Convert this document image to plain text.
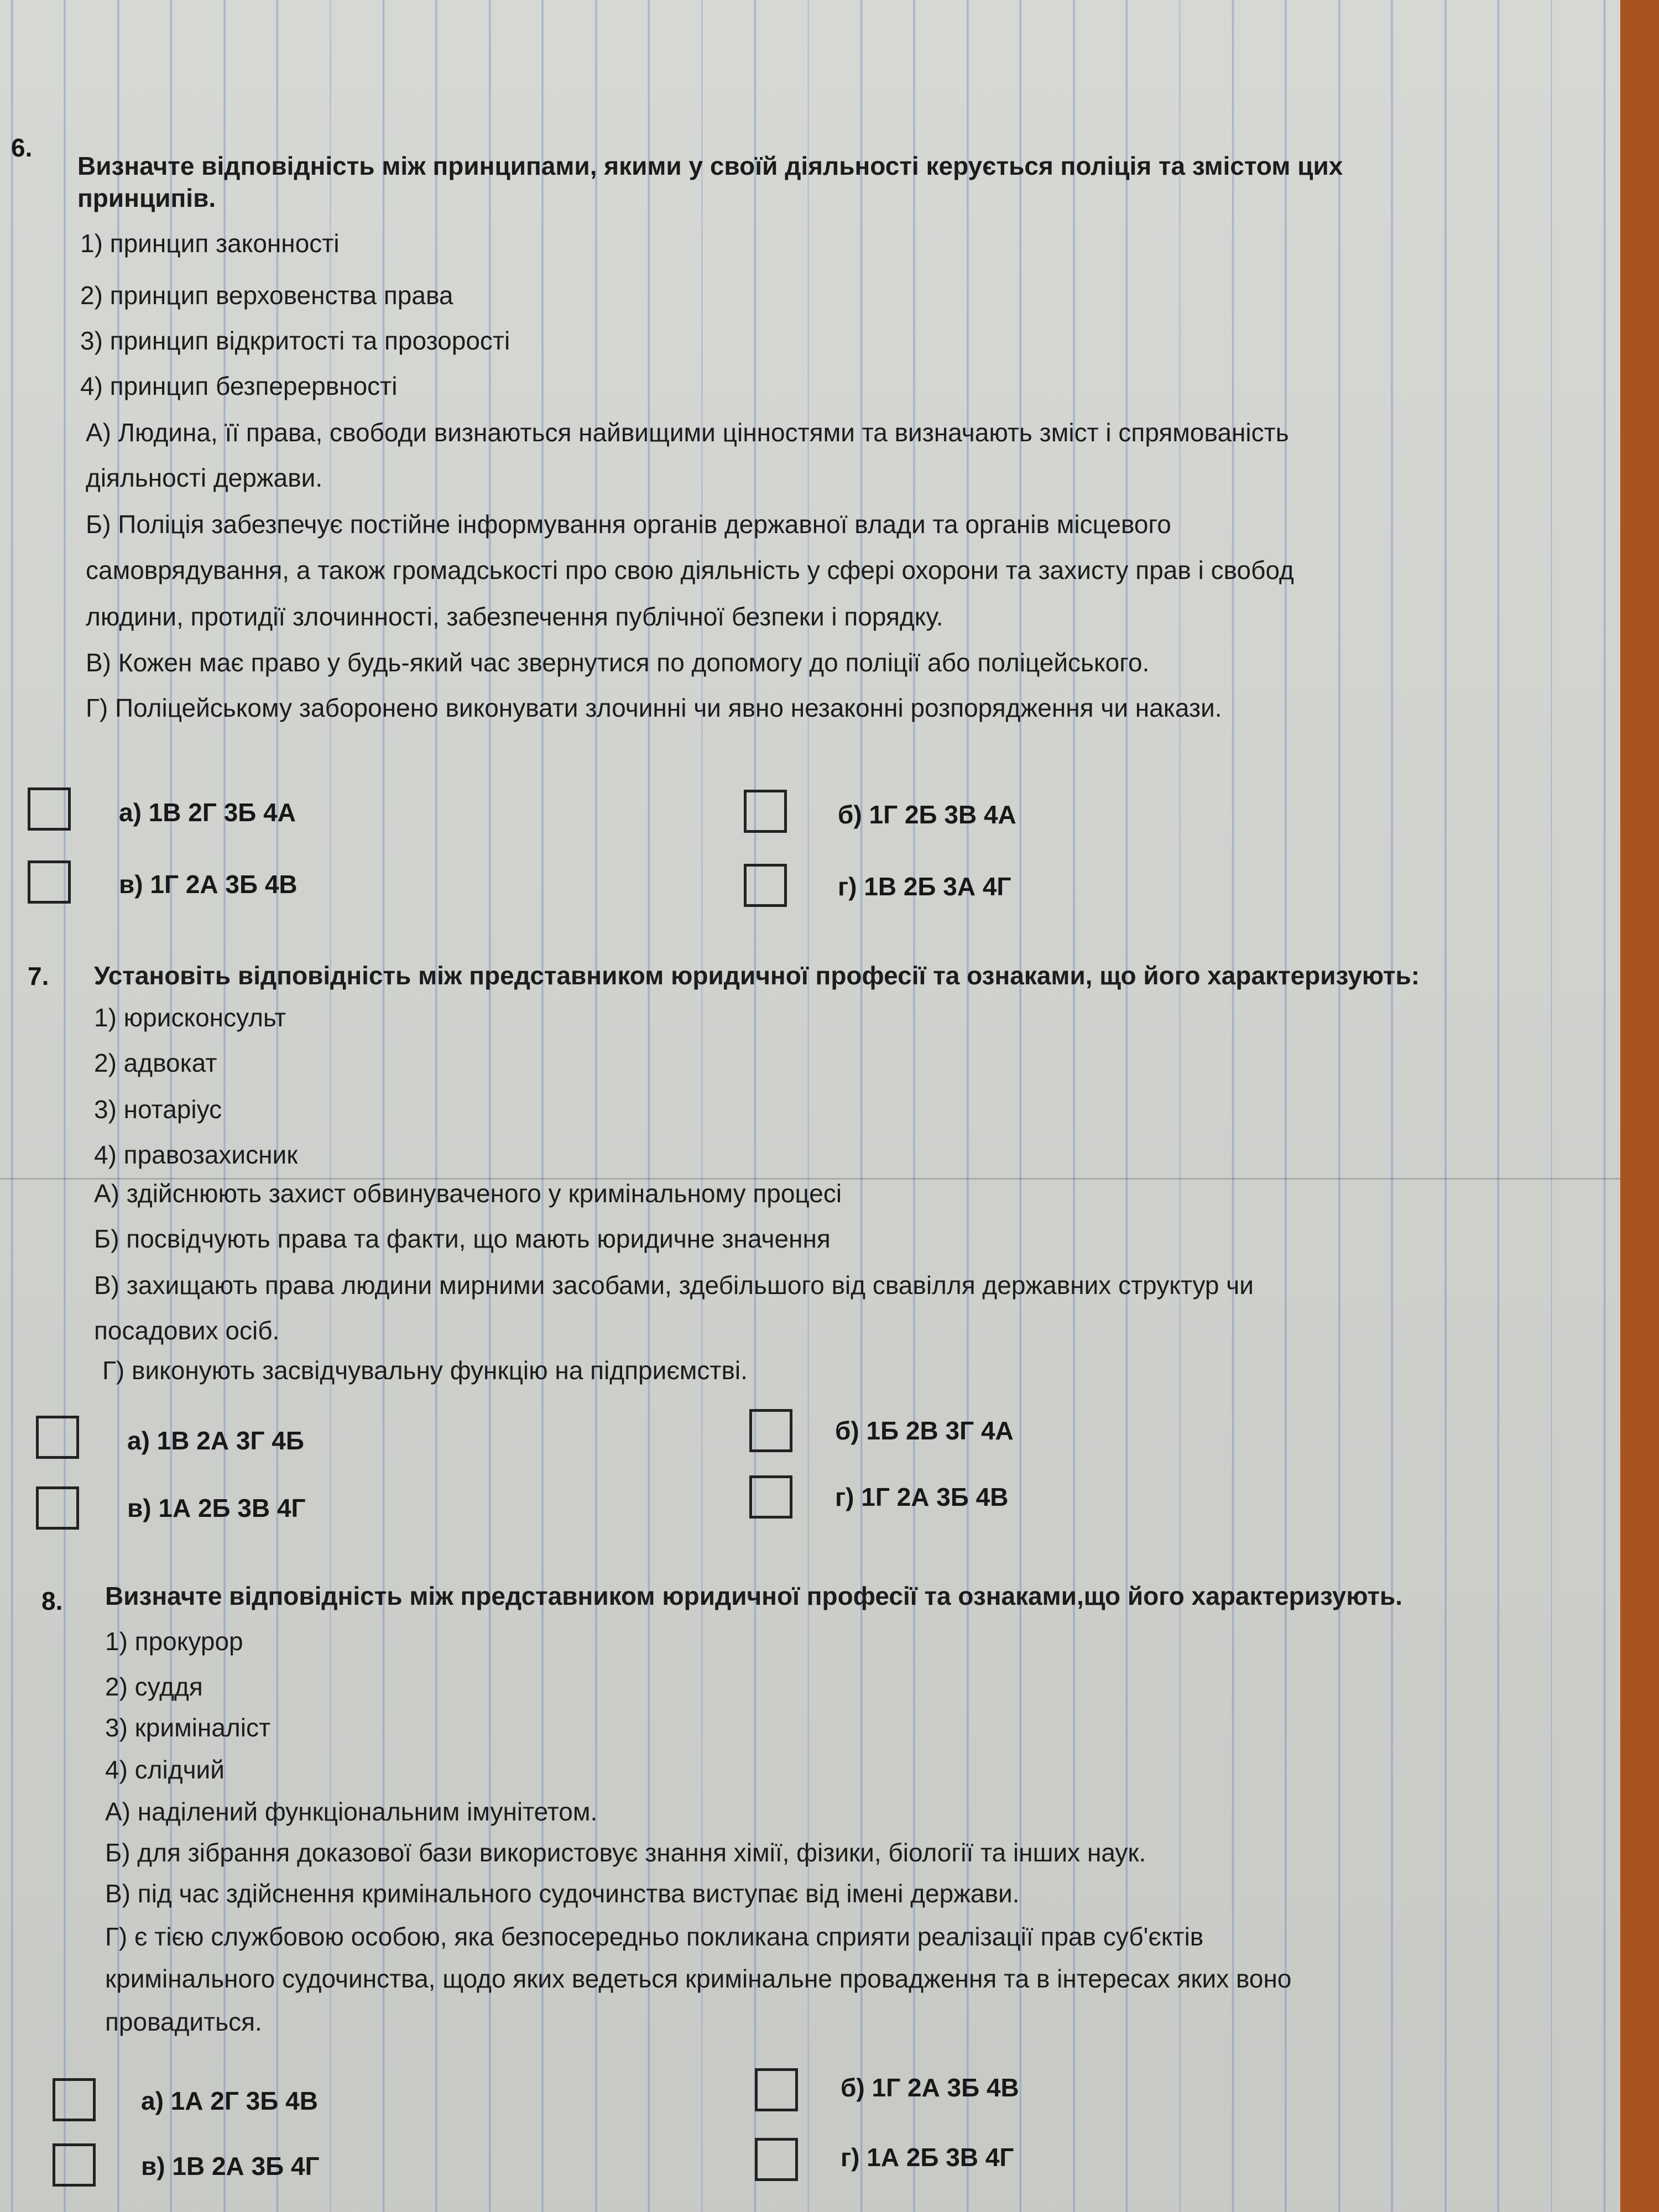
6.
Визначте відповідність між принципами, якими у своїй діяльності керується поліція та змістом цих
принципів.
1) принцип законності
2) принцип верховенства права
3) принцип відкритості та прозорості
4) принцип безперервності
А) Людина, її права, свободи визнаються найвищими цінностями та визначають зміст і спрямованість
діяльності держави.
Б) Поліція забезпечує постійне інформування органів державної влади та органів місцевого
самоврядування, а також громадськості про свою діяльність у сфері охорони та захисту прав і свобод
людини, протидії злочинності, забезпечення публічної безпеки і порядку.
В) Кожен має право у будь-який час звернутися по допомогу до поліції або поліцейського.
Г) Поліцейському заборонено виконувати злочинні чи явно незаконні розпорядження чи накази.
а) 1В 2Г 3Б 4А	б) 1Г 2Б 3В 4А
в) 1Г 2А 3Б 4В	г) 1В 2Б 3А 4Г
7. Установіть відповідність між представником юридичної професії та ознаками, що його характеризують:
1) юрисконсульт
2) адвокат
3) нотаріус
4) правозахисник
А) здійснюють захист обвинуваченого у кримінальному процесі
Б) посвідчують права та факти, що мають юридичне значення
В) захищають права людини мирними засобами, здебільшого від свавілля державних структур чи
посадових осіб.
Г) виконують засвідчувальну функцію на підприємстві.
а) 1В 2А 3Г 4Б	б) 1Б 2В 3Г 4А
в) 1А 2Б 3В 4Г	г) 1Г 2А 3Б 4В
8. Визначте відповідність між представником юридичної професії та ознаками,що його характеризують.
1) прокурор
2) суддя
3) криміналіст
4) слідчий
А) наділений функціональним імунітетом.
Б) для зібрання доказової бази використовує знання хімії, фізики, біології та інших наук.
В) під час здійснення кримінального судочинства виступає від імені держави.
Г) є тією службовою особою, яка безпосередньо покликана сприяти реалізації прав суб'єктів
кримінального судочинства, щодо яких ведеться кримінальне провадження та в інтересах яких воно
провадиться.
а) 1А 2Г 3Б 4В	б) 1Г 2А 3Б 4В
в) 1В 2А 3Б 4Г	г) 1А 2Б 3В 4Г
